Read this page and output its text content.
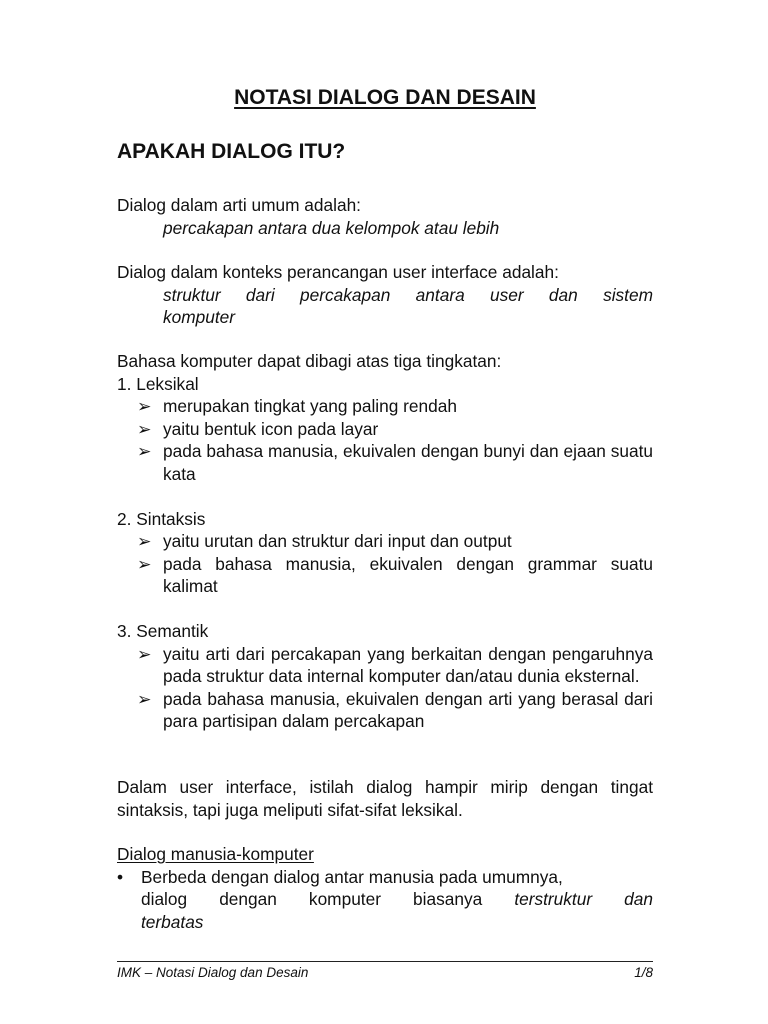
NOTASI DIALOG DAN DESAIN
APAKAH DIALOG ITU?
Dialog dalam arti umum adalah:
percakapan antara dua kelompok atau lebih
Dialog dalam konteks perancangan user interface adalah:
struktur dari percakapan antara user dan sistem
komputer
Bahasa komputer dapat dibagi atas tiga tingkatan:
1. Leksikal
➢ merupakan tingkat yang paling rendah
➢ yaitu bentuk icon pada layar
➢ pada bahasa manusia, ekuivalen dengan bunyi dan ejaan suatu kata
2. Sintaksis
➢ yaitu urutan dan struktur dari input dan output
➢ pada bahasa manusia, ekuivalen dengan grammar suatu kalimat
3. Semantik
➢ yaitu arti dari percakapan yang berkaitan dengan pengaruhnya pada struktur data internal komputer dan/atau dunia eksternal.
➢ pada bahasa manusia, ekuivalen dengan arti yang berasal dari para partisipan dalam percakapan
Dalam user interface, istilah dialog hampir mirip dengan tingat sintaksis, tapi juga meliputi sifat-sifat leksikal.
Dialog manusia-komputer
• Berbeda dengan dialog antar manusia pada umumnya,
dialog dengan komputer biasanya terstruktur dan
terbatas
IMK – Notasi Dialog dan Desain	1/8
